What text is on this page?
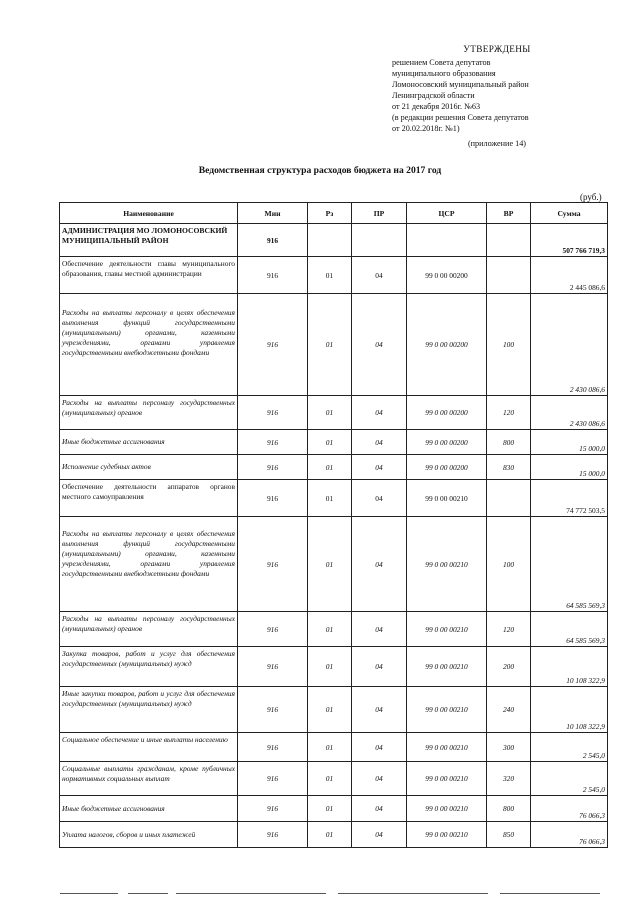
УТВЕРЖДЕНЫ
решением Совета депутатов
муниципального образования
Ломоносовский муниципальный район
Ленинградской области
от 21 декабря 2016г. №63
(в редакции решения Совета депутатов
от 20.02.2018г. №1)
(приложение 14)
Ведомственная структура расходов бюджета на 2017 год
(руб.)
Наименование	Мин	Рз	ПР	ЦСР	ВР	Сумма
АДМИНИСТРАЦИЯ МО ЛОМОНОСОВСКИЙ МУНИЦИПАЛЬНЫЙ РАЙОН	916					507 766 719,3
Обеспечение деятельности главы муниципального образования, главы местной администрации	916	01	04	99 0 00 00200		2 445 086,6
Расходы на выплаты персоналу в целях обеспечения выполнения функций государственными (муниципальными) органами, казенными учреждениями, органами управления государственными внебюджетными фондами	916	01	04	99 0 00 00200	100	2 430 086,6
Расходы на выплаты персоналу государственных (муниципальных) органов	916	01	04	99 0 00 00200	120	2 430 086,6
Иные бюджетные ассигнования	916	01	04	99 0 00 00200	800	15 000,0
Исполнение судебных актов	916	01	04	99 0 00 00200	830	15 000,0
Обеспечение деятельности аппаратов органов местного самоуправления	916	01	04	99 0 00 00210		74 772 503,5
Расходы на выплаты персоналу в целях обеспечения выполнения функций государственными (муниципальными) органами, казенными учреждениями, органами управления государственными внебюджетными фондами	916	01	04	99 0 00 00210	100	64 585 569,3
Расходы на выплаты персоналу государственных (муниципальных) органов	916	01	04	99 0 00 00210	120	64 585 569,3
Закупка товаров, работ и услуг для обеспечения государственных (муниципальных) нужд	916	01	04	99 0 00 00210	200	10 108 322,9
Иные закупки товаров, работ и услуг для обеспечения государственных (муниципальных) нужд	916	01	04	99 0 00 00210	240	10 108 322,9
Социальное обеспечение и иные выплаты населению	916	01	04	99 0 00 00210	300	2 545,0
Социальные выплаты гражданам, кроме публичных нормативных социальных выплат	916	01	04	99 0 00 00210	320	2 545,0
Иные бюджетные ассигнования	916	01	04	99 0 00 00210	800	76 066,3
Уплата налогов, сборов и иных платежей	916	01	04	99 0 00 00210	850	76 066,3
